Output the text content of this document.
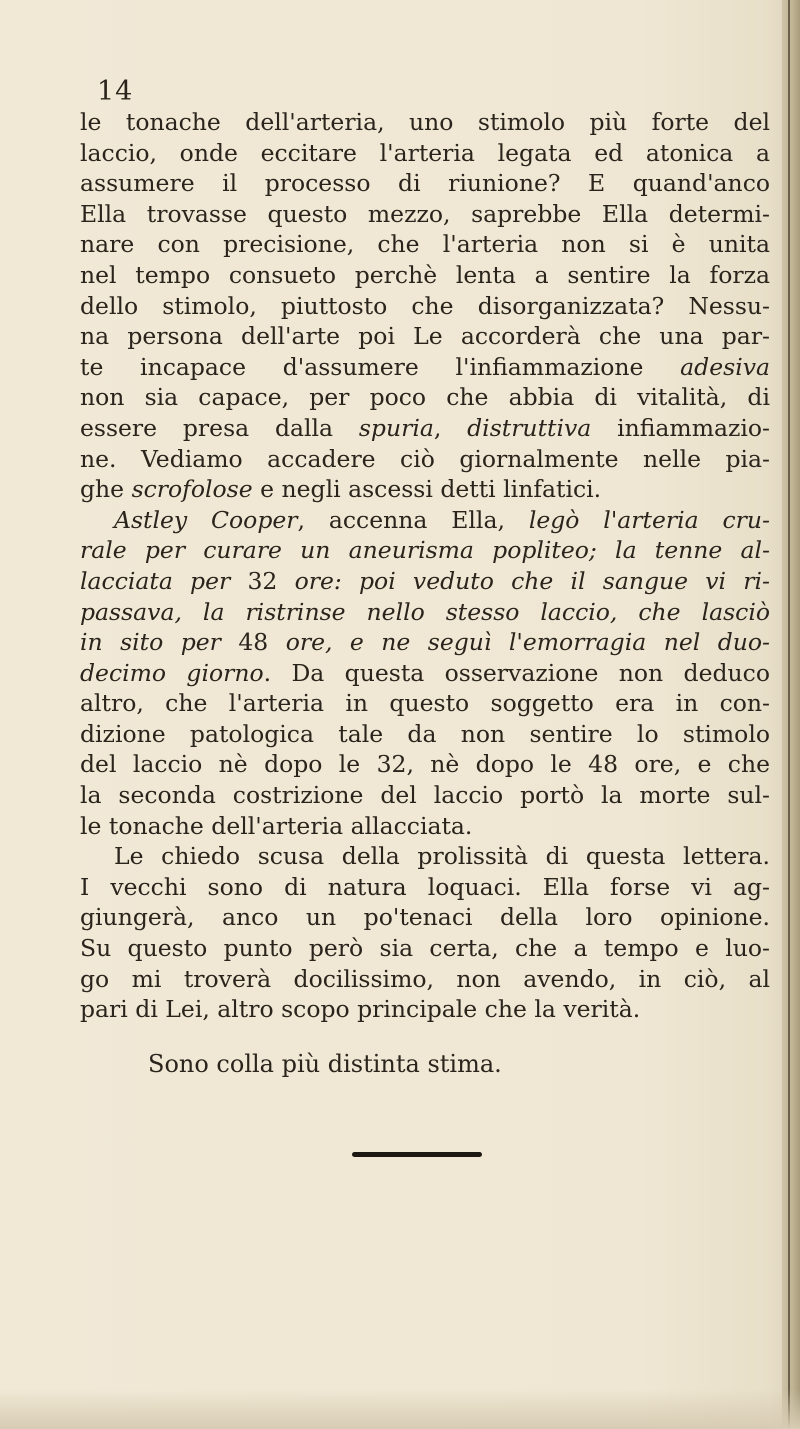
14
le tonache dell'arteria, uno stimolo più forte del
laccio, onde eccitare l'arteria legata ed atonica a
assumere il processo di riunione? E quand'anco
Ella trovasse questo mezzo, saprebbe Ella determi-
nare con precisione, che l'arteria non si è unita
nel tempo consueto perchè lenta a sentire la forza
dello stimolo, piuttosto che disorganizzata? Nessu-
na persona dell'arte poi Le accorderà che una par-
te incapace d'assumere l'infiammazione adesiva
non sia capace, per poco che abbia di vitalità, di
essere presa dalla spuria, distruttiva infiammazio-
ne. Vediamo accadere ciò giornalmente nelle pia-
ghe scrofolose e negli ascessi detti linfatici.
Astley Cooper, accenna Ella, legò l'arteria cru-
rale per curare un aneurisma popliteo; la tenne al-
lacciata per 32 ore: poi veduto che il sangue vi ri-
passava, la ristrinse nello stesso laccio, che lasciò
in sito per 48 ore, e ne seguì l'emorragia nel duo-
decimo giorno. Da questa osservazione non deduco
altro, che l'arteria in questo soggetto era in con-
dizione patologica tale da non sentire lo stimolo
del laccio nè dopo le 32, nè dopo le 48 ore, e che
la seconda costrizione del laccio portò la morte sul-
le tonache dell'arteria allacciata.
Le chiedo scusa della prolissità di questa lettera.
I vecchi sono di natura loquaci. Ella forse vi ag-
giungerà, anco un po'tenaci della loro opinione.
Su questo punto però sia certa, che a tempo e luo-
go mi troverà docilissimo, non avendo, in ciò, al
pari di Lei, altro scopo principale che la verità.
Sono colla più distinta stima.
